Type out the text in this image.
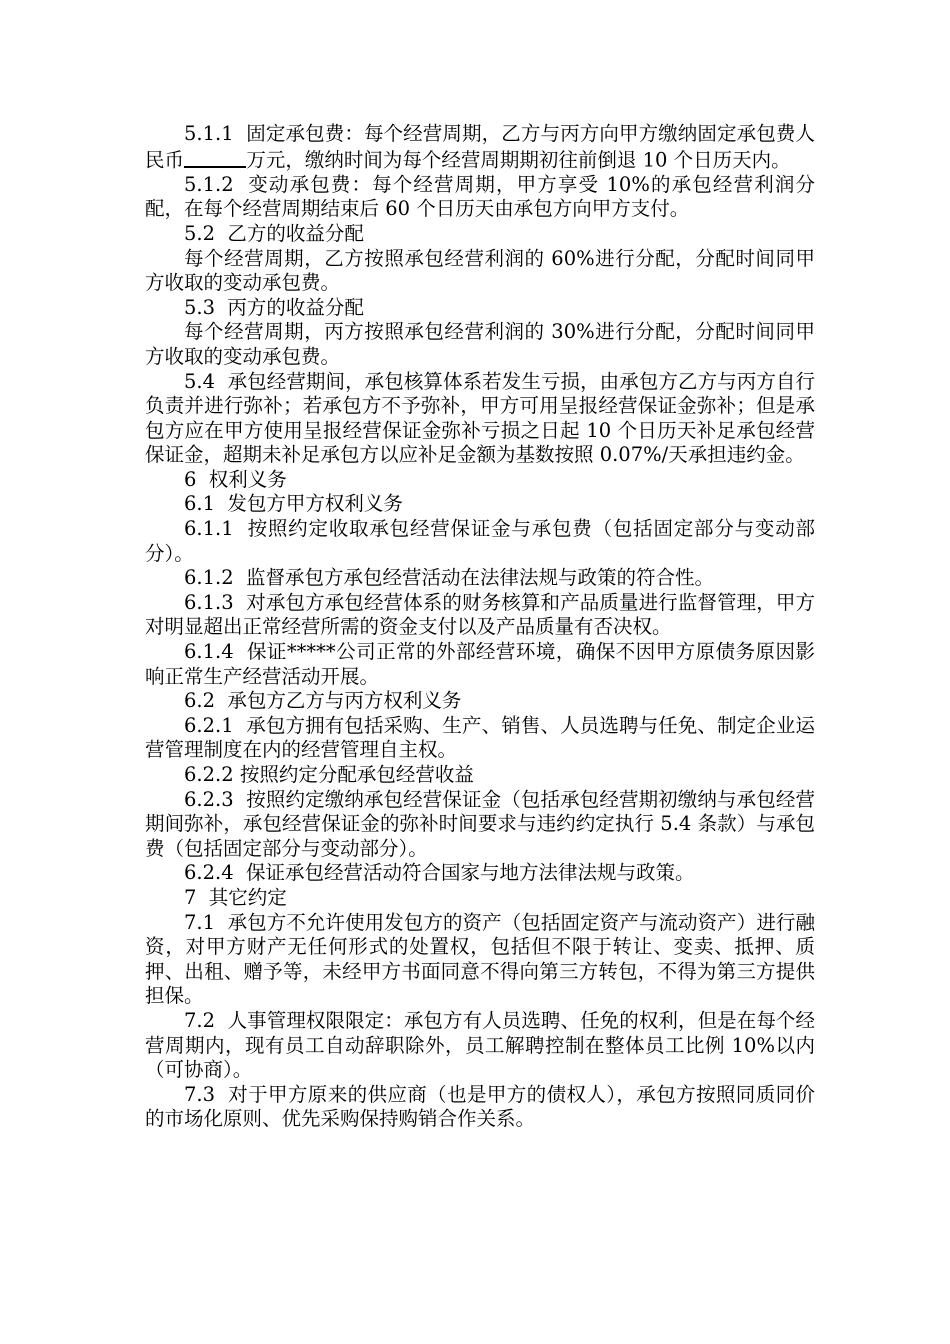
5.1.1  固定承包费：每个经营周期，乙方与丙方向甲方缴纳固定承包费人民币	万元，缴纳时间为每个经营周期期初往前倒退 10 个日历天内。

5.1.2  变动承包费：每个经营周期，甲方享受 10%的承包经营利润分配，在每个经营周期结束后 60 个日历天由承包方向甲方支付。

5.2  乙方的收益分配

每个经营周期，乙方按照承包经营利润的 60%进行分配，分配时间同甲方收取的变动承包费。

5.3  丙方的收益分配

每个经营周期，丙方按照承包经营利润的 30%进行分配，分配时间同甲方收取的变动承包费。

5.4  承包经营期间，承包核算体系若发生亏损，由承包方乙方与丙方自行负责并进行弥补；若承包方不予弥补，甲方可用呈报经营保证金弥补；但是承包方应在甲方使用呈报经营保证金弥补亏损之日起 10 个日历天补足承包经营保证金，超期未补足承包方以应补足金额为基数按照 0.07%/天承担违约金。

6  权利义务

6.1  发包方甲方权利义务

6.1.1  按照约定收取承包经营保证金与承包费（包括固定部分与变动部分）。

6.1.2  监督承包方承包经营活动在法律法规与政策的符合性。

6.1.3  对承包方承包经营体系的财务核算和产品质量进行监督管理，甲方对明显超出正常经营所需的资金支付以及产品质量有否决权。

6.1.4  保证*****公司正常的外部经营环境，确保不因甲方原债务原因影响正常生产经营活动开展。

6.2  承包方乙方与丙方权利义务

6.2.1  承包方拥有包括采购、生产、销售、人员选聘与任免、制定企业运营管理制度在内的经营管理自主权。

6.2.2 按照约定分配承包经营收益

6.2.3  按照约定缴纳承包经营保证金（包括承包经营期初缴纳与承包经营期间弥补，承包经营保证金的弥补时间要求与违约约定执行 5.4 条款）与承包费（包括固定部分与变动部分）。

6.2.4  保证承包经营活动符合国家与地方法律法规与政策。

7  其它约定

7.1  承包方不允许使用发包方的资产（包括固定资产与流动资产）进行融资，对甲方财产无任何形式的处置权，包括但不限于转让、变卖、抵押、质押、出租、赠予等，未经甲方书面同意不得向第三方转包，不得为第三方提供担保。

7.2  人事管理权限限定：承包方有人员选聘、任免的权利，但是在每个经营周期内，现有员工自动辞职除外，员工解聘控制在整体员工比例 10%以内（可协商）。

7.3  对于甲方原来的供应商（也是甲方的债权人），承包方按照同质同价的市场化原则、优先采购保持购销合作关系。
